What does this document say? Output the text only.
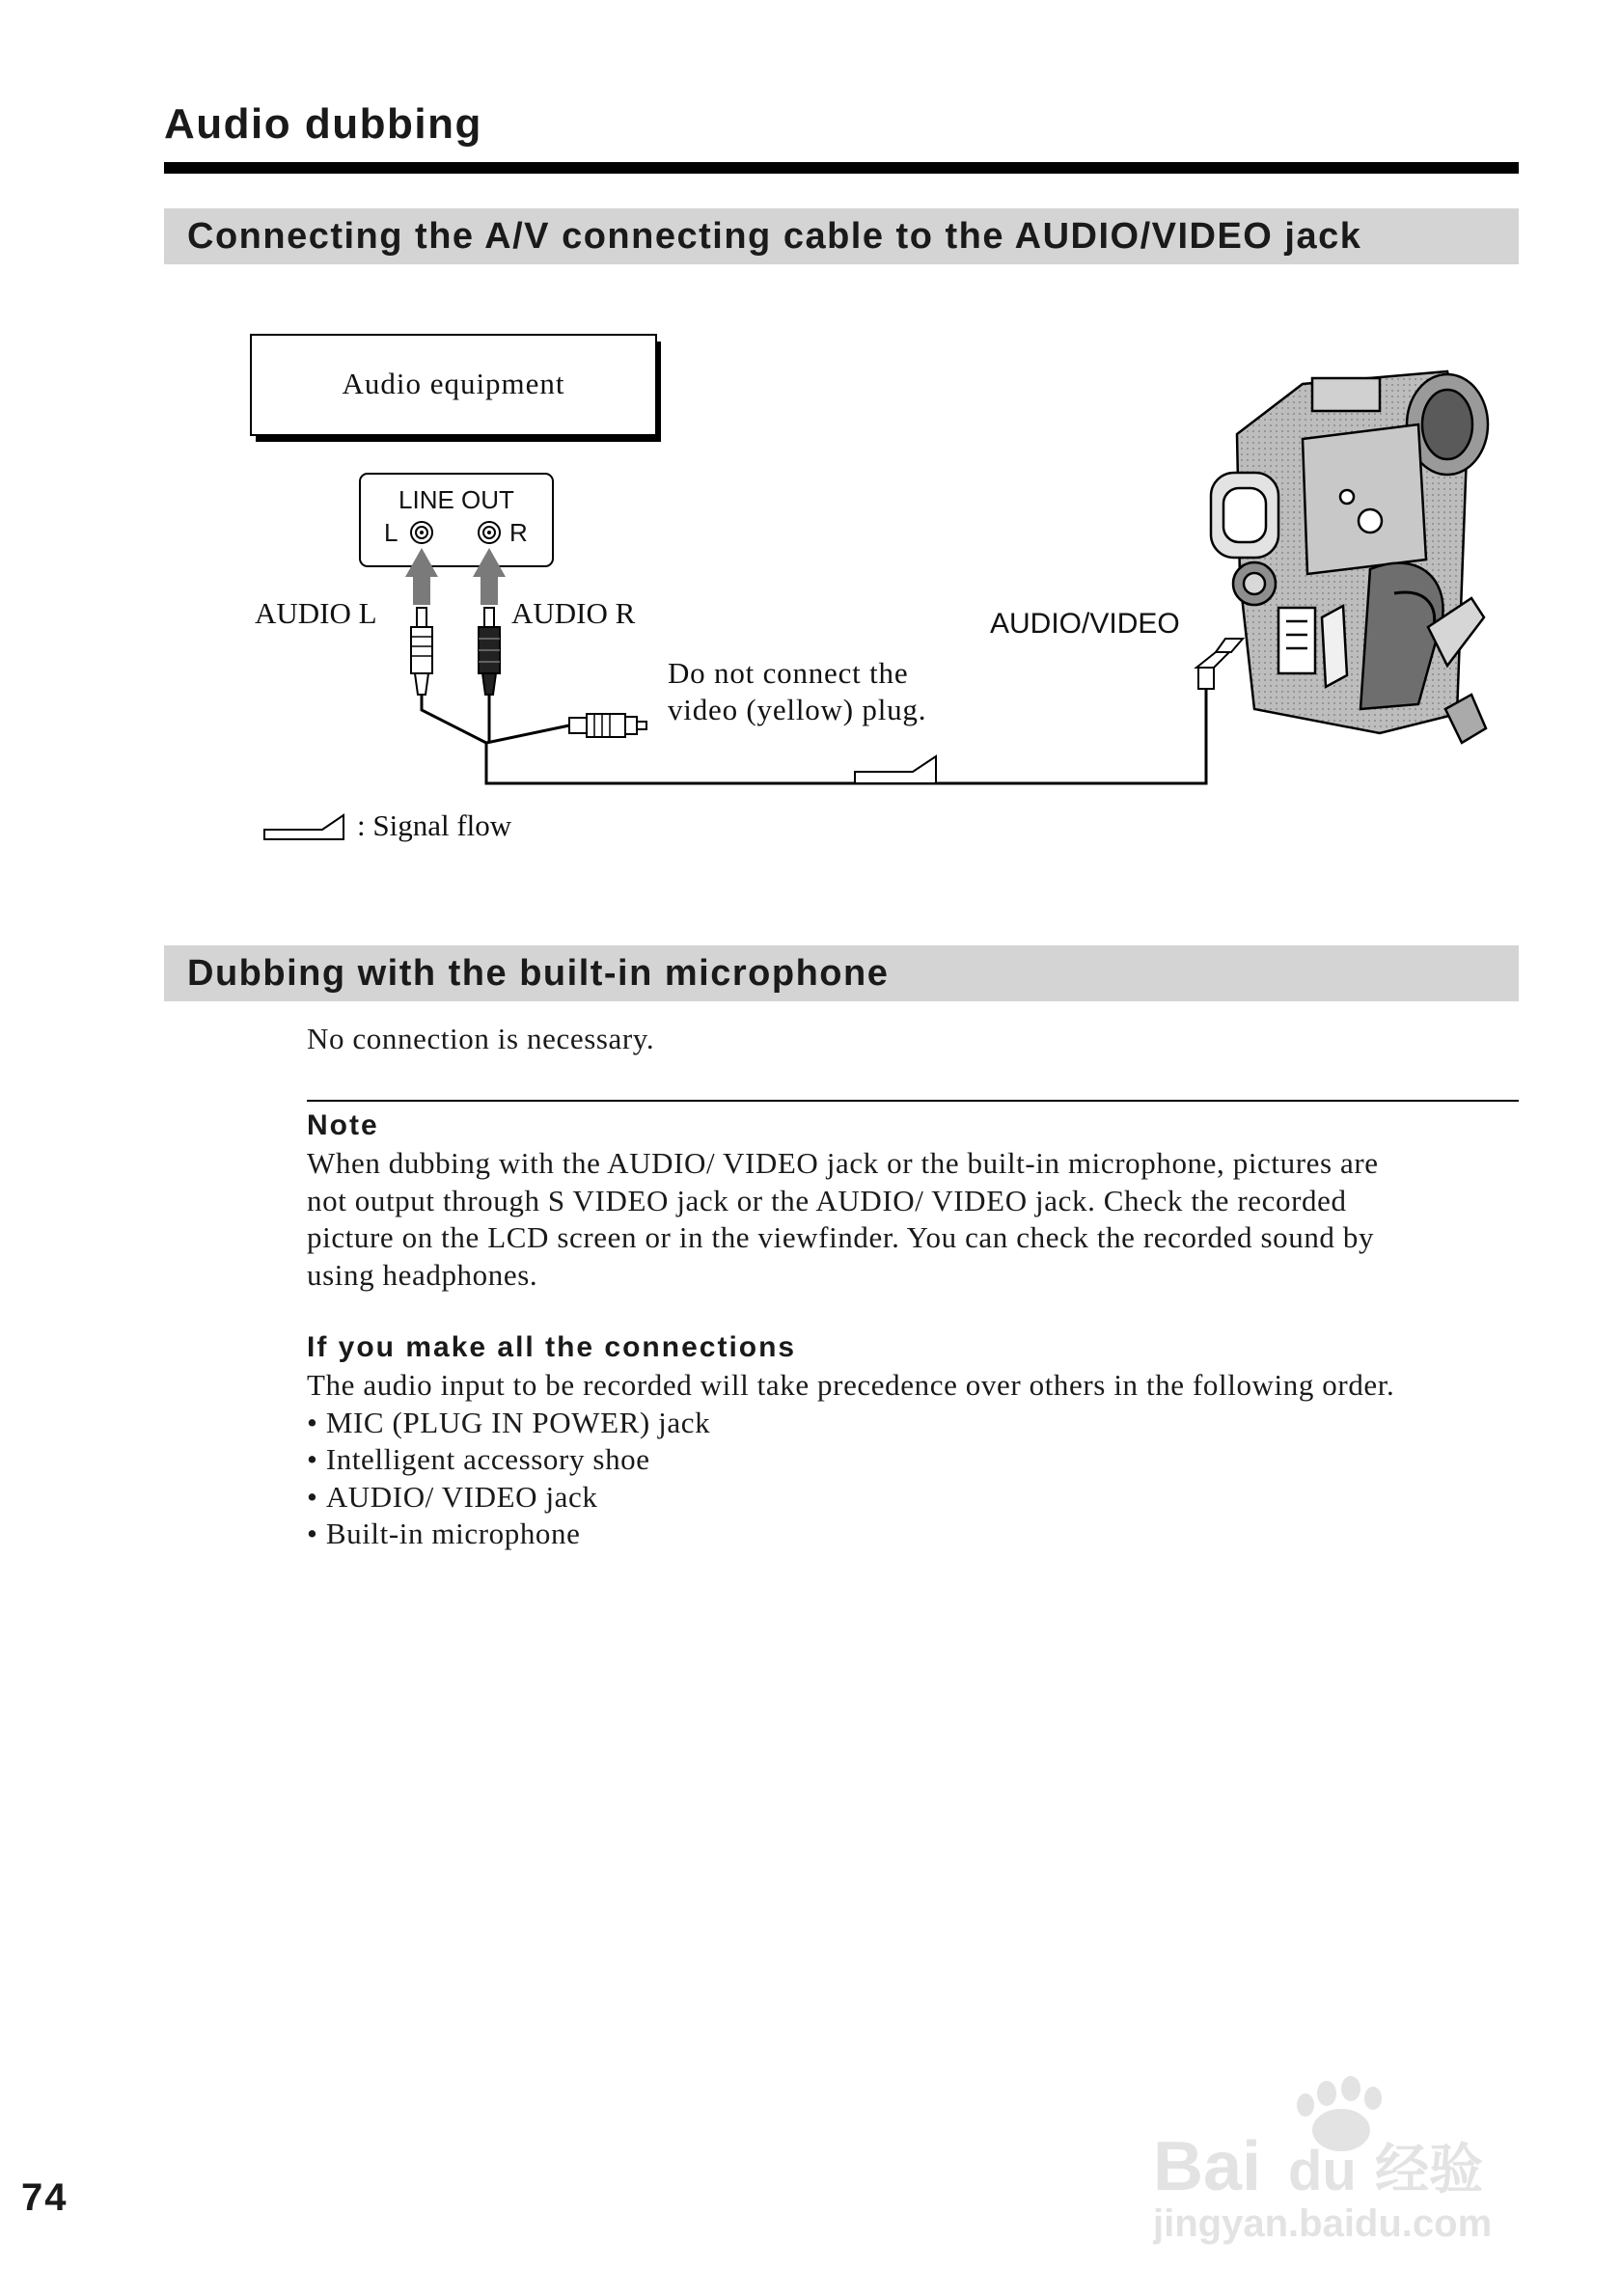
Audio dubbing
Connecting the A/V connecting cable to the AUDIO/VIDEO jack
Audio equipment
LINE OUT
L	R
AUDIO L	AUDIO R
Do not connect the
video (yellow) plug.
AUDIO/VIDEO
: Signal flow
Dubbing with the built-in microphone
No connection is necessary.
Note
When dubbing with the AUDIO/ VIDEO jack or the built-in microphone, pictures are
not output through S VIDEO jack or the AUDIO/ VIDEO jack. Check the recorded
picture on the LCD screen or in the viewfinder. You can check the recorded sound by
using headphones.
If you make all the connections
The audio input to be recorded will take precedence over others in the following order.
• MIC (PLUG IN POWER) jack
• Intelligent accessory shoe
• AUDIO/ VIDEO jack
• Built-in microphone
74	Bai du 经验
jingyan.baidu.com
